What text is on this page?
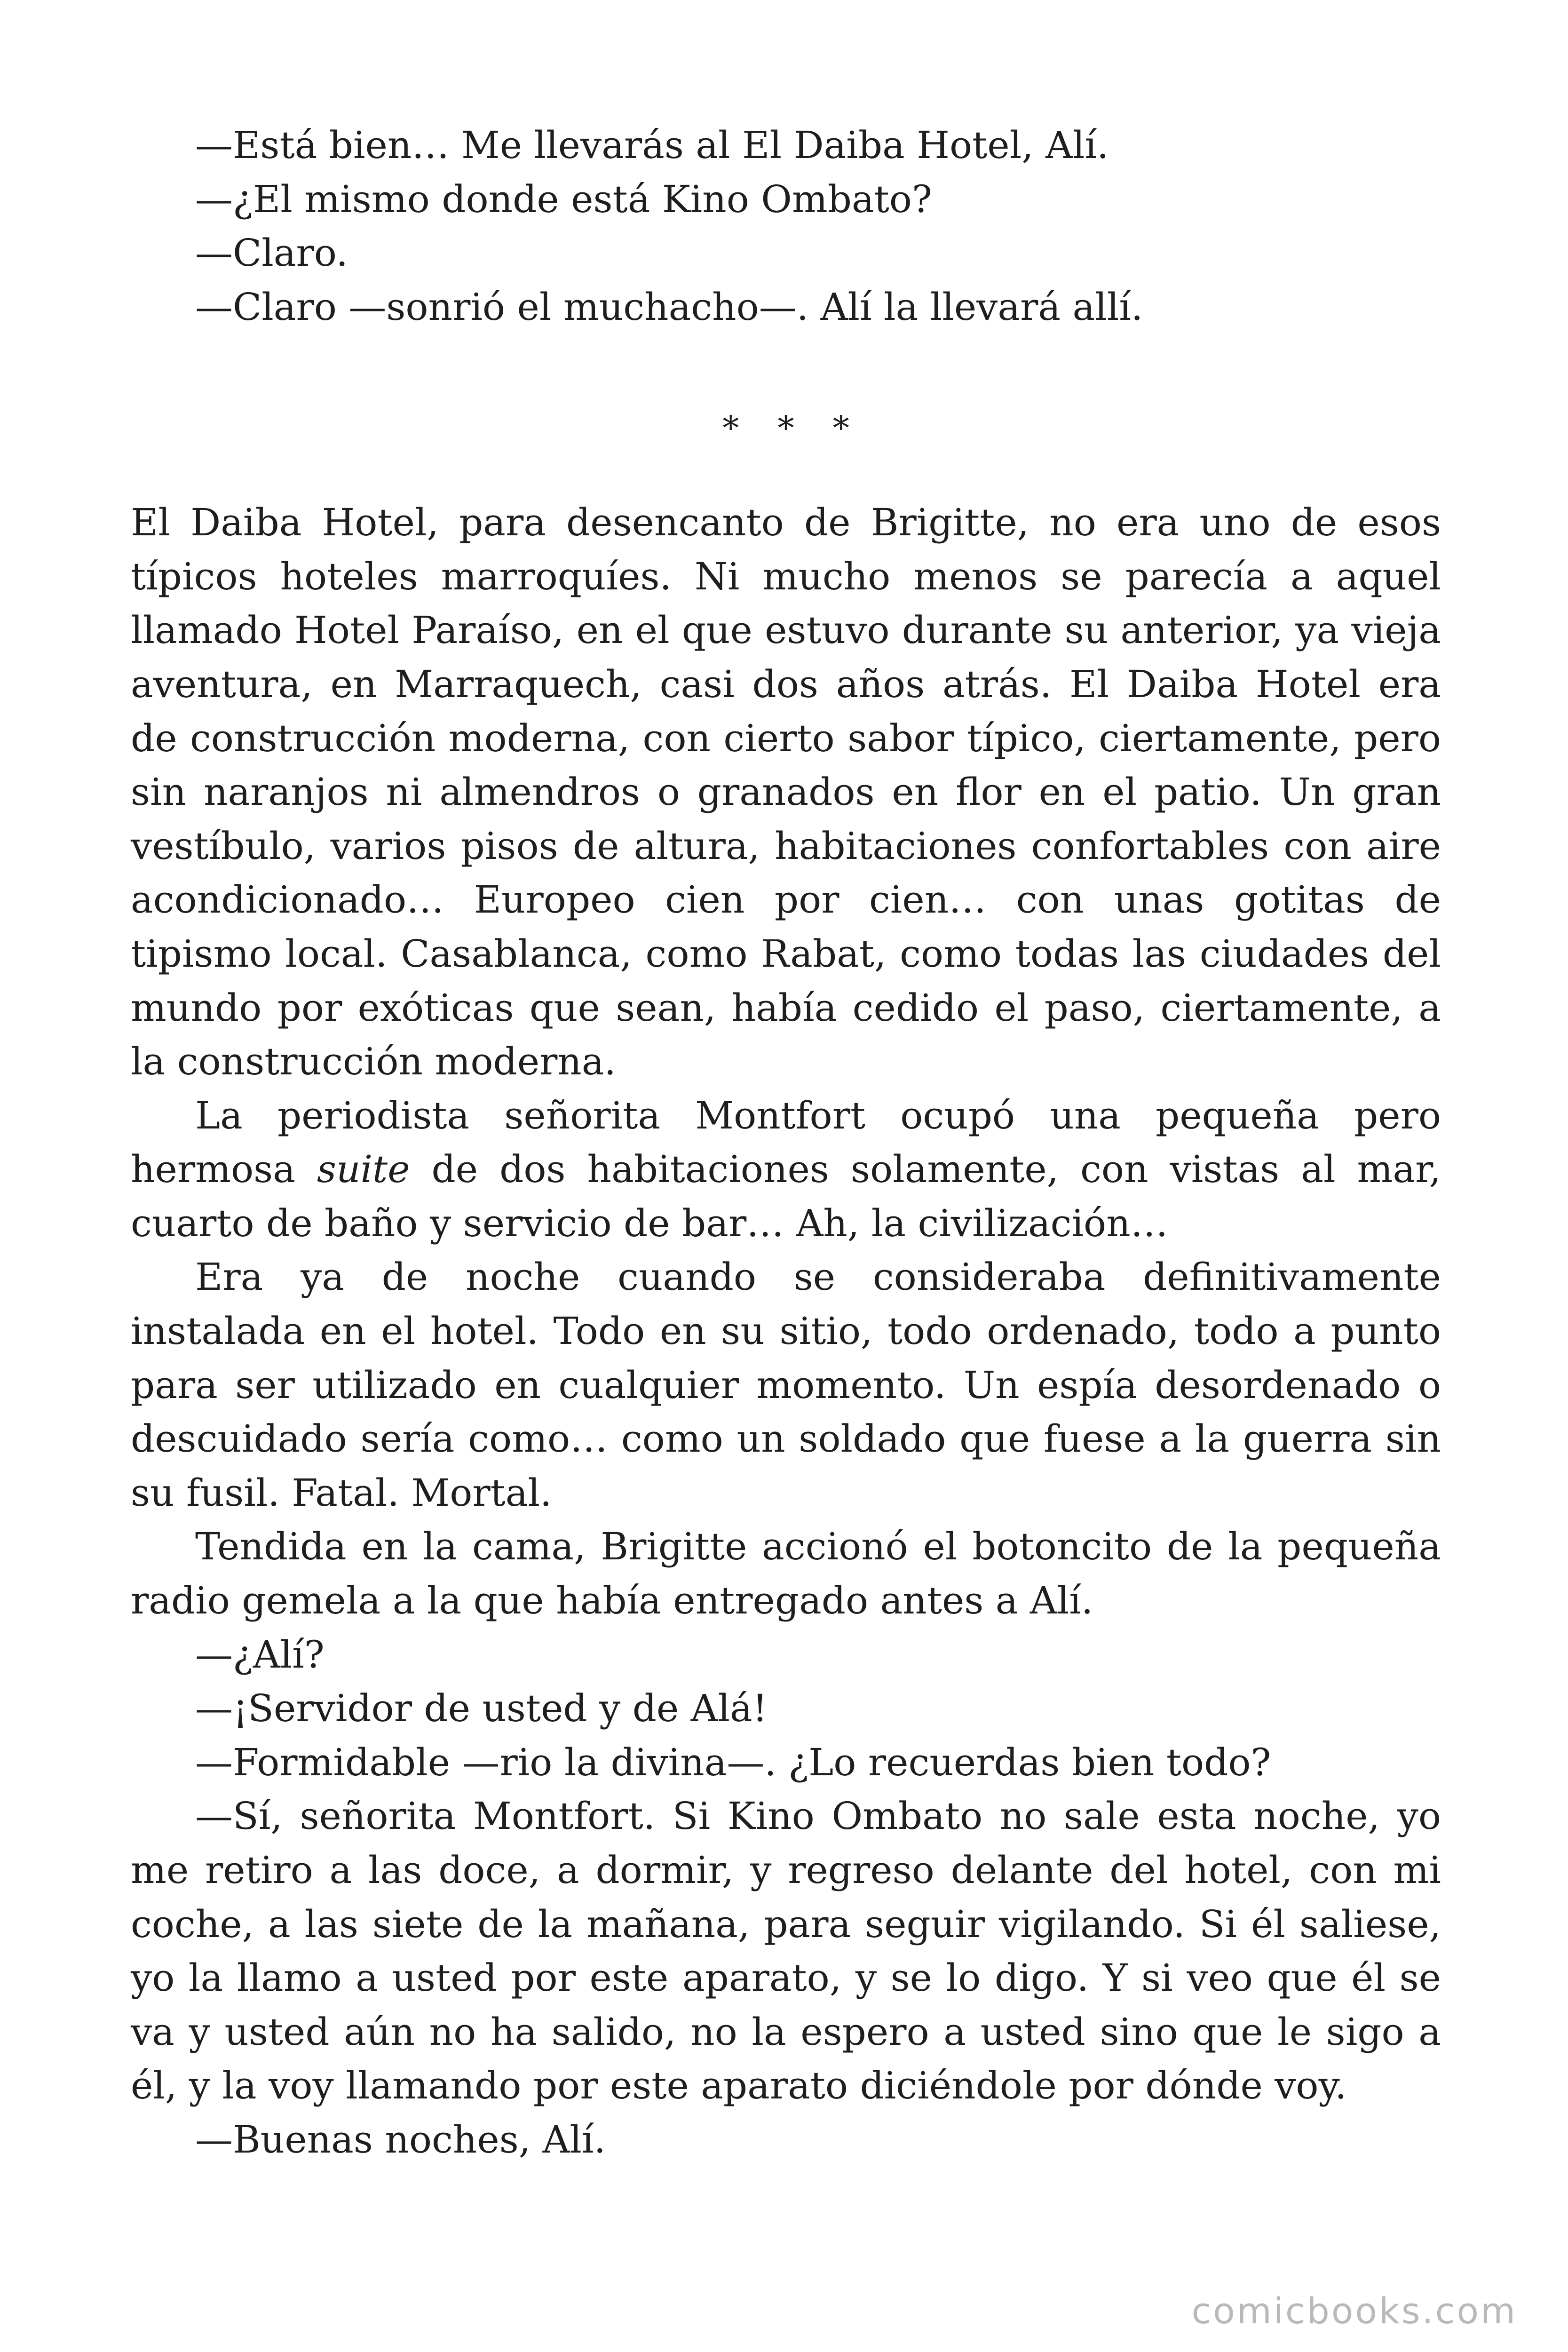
—Está bien… Me llevarás al El Daiba Hotel, Alí.
—¿El mismo donde está Kino Ombato?
—Claro.
—Claro —sonrió el muchacho—. Alí la llevará allí.
* * *

El Daiba Hotel, para desencanto de Brigitte, no era uno de esos típicos hoteles marroquíes. Ni mucho menos se parecía a aquel llamado Hotel Paraíso, en el que estuvo durante su anterior, ya vieja aventura, en Marraquech, casi dos años atrás. El Daiba Hotel era de construcción moderna, con cierto sabor típico, ciertamente, pero sin naranjos ni almendros o granados en flor en el patio. Un gran vestíbulo, varios pisos de altura, habitaciones confortables con aire acondicionado… Europeo cien por cien… con unas gotitas de tipismo local. Casablanca, como Rabat, como todas las ciudades del mundo por exóticas que sean, había cedido el paso, ciertamente, a la construcción moderna.

La periodista señorita Montfort ocupó una pequeña pero hermosa suite de dos habitaciones solamente, con vistas al mar, cuarto de baño y servicio de bar… Ah, la civilización…

Era ya de noche cuando se consideraba definitivamente instalada en el hotel. Todo en su sitio, todo ordenado, todo a punto para ser utilizado en cualquier momento. Un espía desordenado o descuidado sería como… como un soldado que fuese a la guerra sin su fusil. Fatal. Mortal.

Tendida en la cama, Brigitte accionó el botoncito de la pequeña radio gemela a la que había entregado antes a Alí.

—¿Alí?
—¡Servidor de usted y de Alá!
—Formidable —rio la divina—. ¿Lo recuerdas bien todo?

—Sí, señorita Montfort. Si Kino Ombato no sale esta noche, yo me retiro a las doce, a dormir, y regreso delante del hotel, con mi coche, a las siete de la mañana, para seguir vigilando. Si él saliese, yo la llamo a usted por este aparato, y se lo digo. Y si veo que él se va y usted aún no ha salido, no la espero a usted sino que le sigo a él, y la voy llamando por este aparato diciéndole por dónde voy.

—Buenas noches, Alí.
comicbooks.com
